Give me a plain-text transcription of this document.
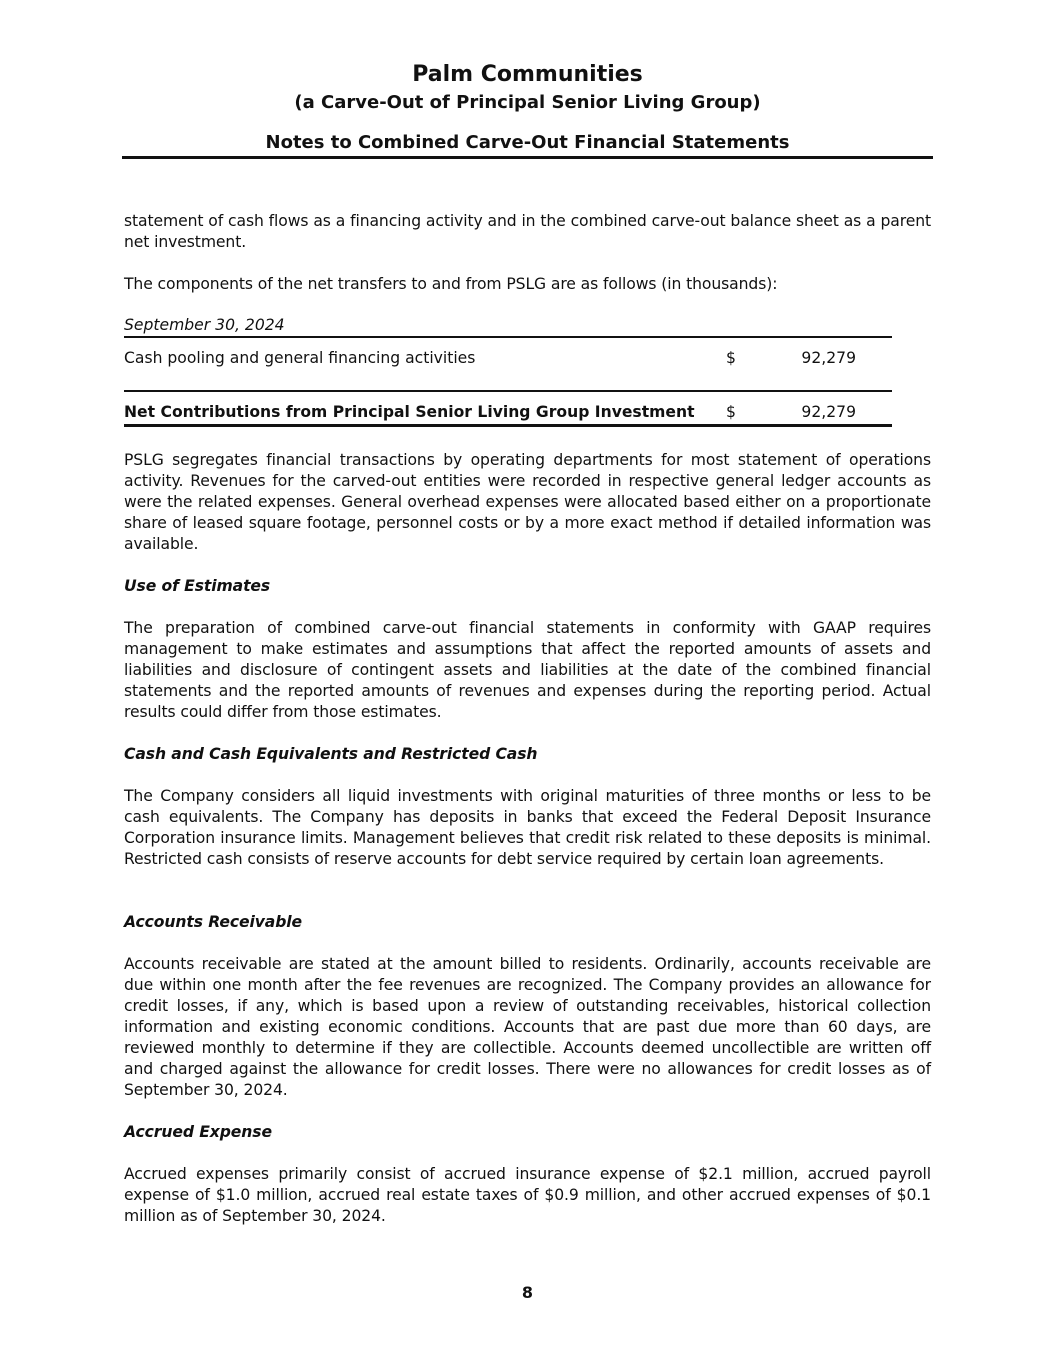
Palm Communities
(a Carve-Out of Principal Senior Living Group)
Notes to Combined Carve-Out Financial Statements
statement of cash flows as a financing activity and in the combined carve-out balance sheet as a parent net investment.
The components of the net transfers to and from PSLG are as follows (in thousands):
September 30, 2024
Cash pooling and general financing activities	$	92,279
Net Contributions from Principal Senior Living Group Investment $	92,279
PSLG segregates financial transactions by operating departments for most statement of operations activity. Revenues for the carved-out entities were recorded in respective general ledger accounts as were the related expenses. General overhead expenses were allocated based either on a proportionate share of leased square footage, personnel costs or by a more exact method if detailed information was available.
Use of Estimates
The preparation of combined carve-out financial statements in conformity with GAAP requires management to make estimates and assumptions that affect the reported amounts of assets and liabilities and disclosure of contingent assets and liabilities at the date of the combined financial statements and the reported amounts of revenues and expenses during the reporting period. Actual results could differ from those estimates.
Cash and Cash Equivalents and Restricted Cash
The Company considers all liquid investments with original maturities of three months or less to be cash equivalents. The Company has deposits in banks that exceed the Federal Deposit Insurance Corporation insurance limits. Management believes that credit risk related to these deposits is minimal. Restricted cash consists of reserve accounts for debt service required by certain loan agreements.
Accounts Receivable
Accounts receivable are stated at the amount billed to residents. Ordinarily, accounts receivable are due within one month after the fee revenues are recognized. The Company provides an allowance for credit losses, if any, which is based upon a review of outstanding receivables, historical collection information and existing economic conditions. Accounts that are past due more than 60 days, are reviewed monthly to determine if they are collectible. Accounts deemed uncollectible are written off and charged against the allowance for credit losses. There were no allowances for credit losses as of September 30, 2024.
Accrued Expense
Accrued expenses primarily consist of accrued insurance expense of $2.1 million, accrued payroll expense of $1.0 million, accrued real estate taxes of $0.9 million, and other accrued expenses of $0.1 million as of September 30, 2024.
8
